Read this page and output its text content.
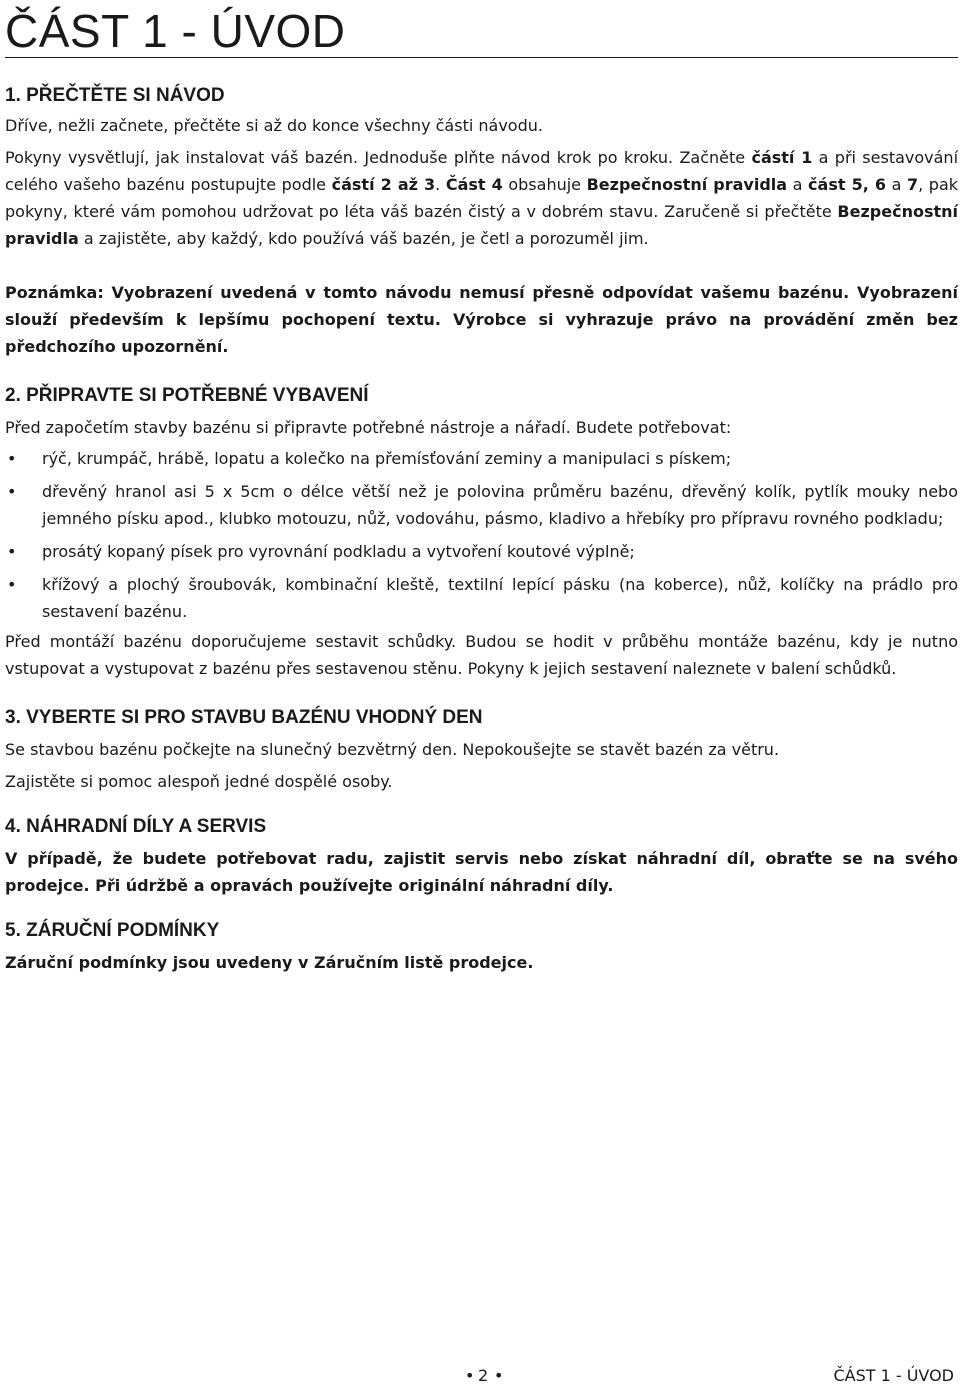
ČÁST 1 - ÚVOD
1. PŘEČTĚTE SI NÁVOD

Dříve, nežli začnete, přečtěte si až do konce všechny části návodu.

Pokyny vysvětlují, jak instalovat váš bazén. Jednoduše plňte návod krok po kroku. Začněte částí 1 a při sestavování celého vašeho bazénu postupujte podle částí 2 až 3. Část 4 obsahuje Bezpečnostní pravidla a část 5, 6 a 7, pak pokyny, které vám pomohou udržovat po léta váš bazén čistý a v dobrém stavu. Zaručeně si přečtěte Bezpečnostní pravidla a zajistěte, aby každý, kdo používá váš bazén, je četl a porozuměl jim.

Poznámka: Vyobrazení uvedená v tomto návodu nemusí přesně odpovídat vašemu bazénu. Vyobrazení slouží především k lepšímu pochopení textu. Výrobce si vyhrazuje právo na provádění změn bez předchozího upozornění.

2. PŘIPRAVTE SI POTŘEBNÉ VYBAVENÍ

Před započetím stavby bazénu si připravte potřebné nástroje a nářadí. Budete potřebovat:

• rýč, krumpáč, hrábě, lopatu a kolečko na přemísťování zeminy a manipulaci s pískem;
• dřevěný hranol asi 5 x 5cm o délce větší než je polovina průměru bazénu, dřevěný kolík, pytlík mouky nebo jemného písku apod., klubko motouzu, nůž, vodováhu, pásmo, kladivo a hřebíky pro přípravu rovného podkladu;
• prosátý kopaný písek pro vyrovnání podkladu a vytvoření koutové výplně;
• křížový a plochý šroubovák, kombinační kleště, textilní lepící pásku (na koberce), nůž, kolíčky na prádlo pro sestavení bazénu.

Před montáží bazénu doporučujeme sestavit schůdky. Budou se hodit v průběhu montáže bazénu, kdy je nutno vstupovat a vystupovat z bazénu přes sestavenou stěnu. Pokyny k jejich sestavení naleznete v balení schůdků.

3. VYBERTE SI PRO STAVBU BAZÉNU VHODNÝ DEN

Se stavbou bazénu počkejte na slunečný bezvětrný den. Nepokoušejte se stavět bazén za větru.

Zajistěte si pomoc alespoň jedné dospělé osoby.

4. NÁHRADNÍ DÍLY A SERVIS

V případě, že budete potřebovat radu, zajistit servis nebo získat náhradní díl, obraťte se na svého prodejce. Při údržbě a opravách používejte originální náhradní díly.

5. ZÁRUČNÍ PODMÍNKY

Záruční podmínky jsou uvedeny v Záručním listě prodejce.

• 2 •	ČÁST 1 - ÚVOD
